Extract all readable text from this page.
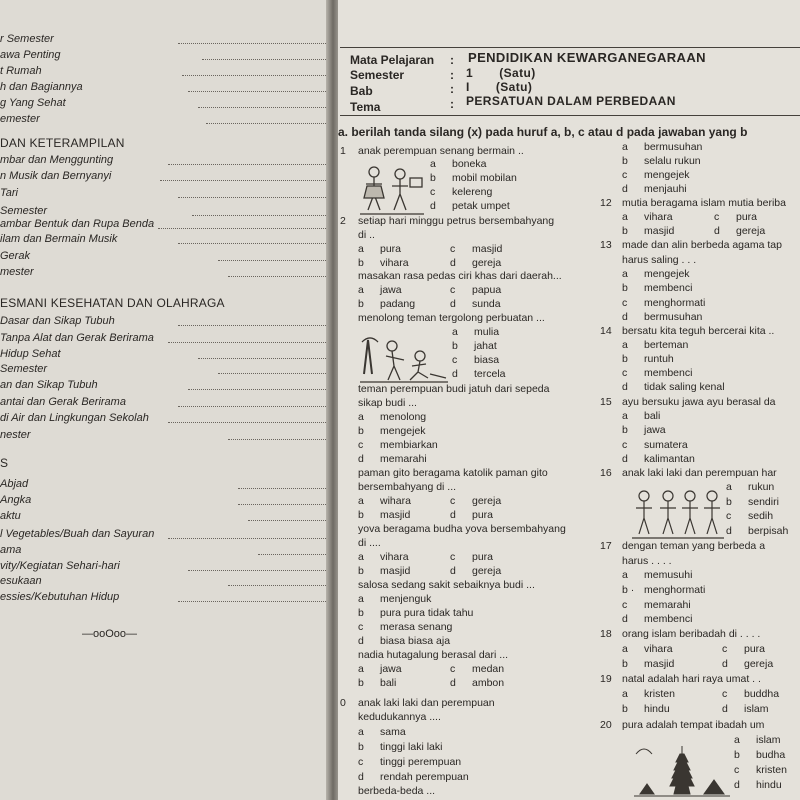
—ooOoo—
r Semester
awa Penting
t Rumah
h dan Bagiannya
g Yang Sehat
emester
mbar dan Menggunting
n Musik dan Bernyanyi
Tari
Semester
ambar Bentuk dan Rupa Benda
ilam dan Bermain Musik
Gerak
mester
Dasar dan Sikap Tubuh
Tanpa Alat dan Gerak Berirama
Hidup Sehat
Semester
an dan Sikap Tubuh
antai dan Gerak Berirama
di Air dan Lingkungan Sekolah
nester
Abjad
Angka
aktu
l Vegetables/Buah dan Sayuran
ama
vity/Kegiatan Sehari-hari
esukaan
essies/Kebutuhan Hidup
DAN KETERAMPILAN
ESMANI KESEHATAN DAN OLAHRAGA
S
Mata Pelajaran : PENDIDIKAN KEWARGANEGARAAN
Semester	: 1       (Satu)
Bab	: I       (Satu)
Tema	: PERSATUAN DALAM PERBEDAAN
a. berilah tanda silang (x) pada huruf a, b, c atau d pada jawaban yang b
anak perempuan senang bermain ..
1
a boneka
b mobil mobilan
c kelereng
d petak umpet
2 setiap hari minggu petrus bersembahyang
di ..
a pura	c masjid
b vihara	d gereja
masakan rasa pedas ciri khas dari daerah...
a jawa	c papua
b padang	d sunda
menolong teman tergolong perbuatan ...
a mulia
b jahat
c biasa
d tercela
teman perempuan budi jatuh dari sepeda
sikap budi ...
a menolong
b mengejek
c membiarkan
d memarahi
paman gito beragama katolik paman gito
bersembahyang di ...
a wihara	c gereja
b masjid	d pura
yova beragama budha yova bersembahyang
di ....
a vihara	c pura
b masjid	d gereja
salosa sedang sakit sebaiknya budi ...
a menjenguk
b pura pura tidak tahu
c merasa senang
d biasa biasa aja
nadia hutagalung berasal dari ...
a jawa	c medan
b bali	d ambon
0 anak laki laki dan perempuan
kedudukannya ....
a sama
b tinggi laki laki
c tinggi perempuan
d rendah perempuan
berbeda-beda ...
a bermusuhan
b selalu rukun
c mengejek
d menjauhi
12 mutia beragama islam mutia beriba
a vihara	c pura
b masjid	d gereja
13 made dan alin berbeda agama tap
harus saling . . .
a mengejek
b membenci
c menghormati
d bermusuhan
14 bersatu kita teguh bercerai kita ..
a berteman
b runtuh
c membenci
d tidak saling kenal
15 ayu bersuku jawa ayu berasal da
a bali
b jawa
c sumatera
d kalimantan
16 anak laki laki dan perempuan har
a rukun
b sendiri
c sedih
d berpisah
17 dengan teman yang berbeda a
harus . . . .
a memusuhi
b · menghormati
c memarahi
d membenci
18 orang islam beribadah di . . . .
a vihara	c pura
b masjid	d gereja
19 natal adalah hari raya umat . .
a kristen	c buddha
b hindu	d islam
20 pura adalah tempat ibadah um
a islam
b budha
c kristen
d hindu
